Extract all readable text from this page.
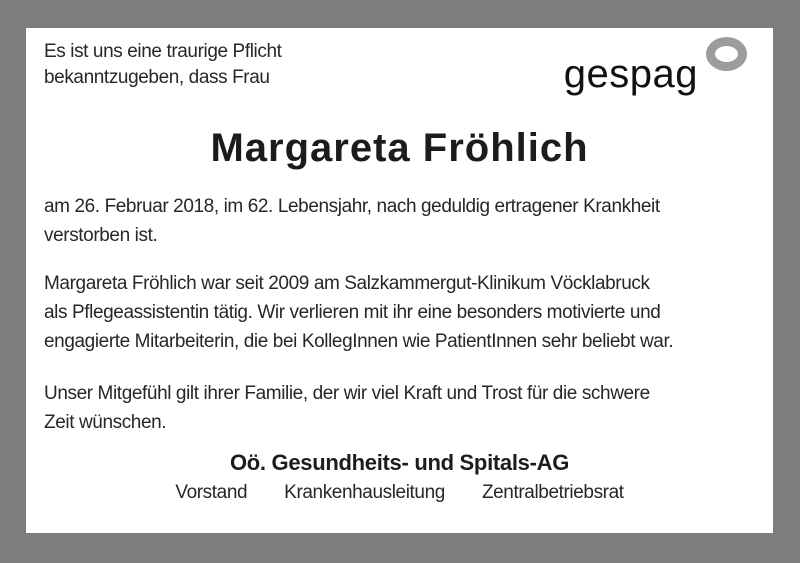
Es ist uns eine traurige Pflicht
bekanntzugeben, dass Frau	gespag
Margareta Fröhlich
am 26. Februar 2018, im 62. Lebensjahr, nach geduldig ertragener Krankheit
verstorben ist.
Margareta Fröhlich war seit 2009 am Salzkammergut-Klinikum Vöcklabruck
als Pflegeassistentin tätig. Wir verlieren mit ihr eine besonders motivierte und
engagierte Mitarbeiterin, die bei KollegInnen wie PatientInnen sehr beliebt war.
Unser Mitgefühl gilt ihrer Familie, der wir viel Kraft und Trost für die schwere
Zeit wünschen.
Oö. Gesundheits- und Spitals-AG
Vorstand Krankenhausleitung Zentralbetriebsrat
